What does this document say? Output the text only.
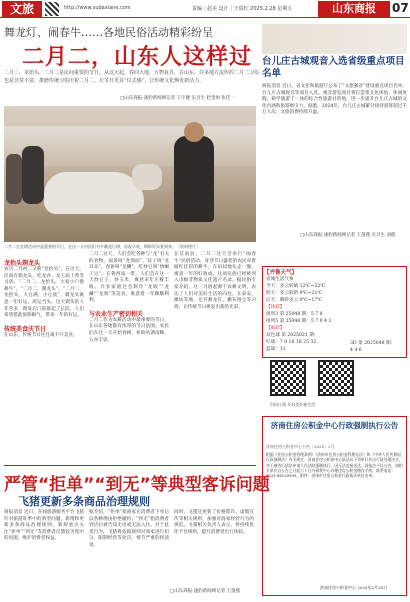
文旅	http://www.sudaxiane.com	责编｜赵美 设计｜王瑞红 2025.2.28 星期五	山东商报	07
舞龙灯、闹春牛……各地民俗活动精彩纷呈
二月二，山东人这样过
二月二，龙抬头。二月二是民间重要的节日，从这天起，春回大地，万物复苏，在山东，许多地方流传的二月二习俗也是非常丰富，推磨传统习俗庆祝二月二，让节日更具“仪式感”，让传统文化焕发新活力。
□山东商报·速豹新闻网记者 王宇婕 实习生 赵金如 张佳一
二月二在农耕活动中是重要的节日，在这一天村民们为牛戴花行耕，祈祝丰收，期盼好年景到来。（资料图片）
龙抬头剃龙头
农历二月初二又称“龙抬头”，在这天，民间有剃龙头、吃龙食、龙王庙上香等习俗。“二月二，龙抬头，大家小户使耕牛”，“二月二，剃龙头”，“二月二，龙抬头，大仓满，小仓流”。剃龙头寓意一年好运，鸿运当头。这天剃头的人非常多，理发店门前排起了长队，人们希望借此驱除晦气，带来一年的好运。
传统美食庆节日
在山东，传统节日往往离不开美食。
二月二这天，人们会吃各种与“龙”有关的食物，面条叫“龙须面”，饺子叫“龙耳朵”，春饼叫“龙鳞”，吃炒豆叫“炒蝎子豆”。在鲁西南一带，人们会在这一天炒豆子、炒玉米，寓意来年庄稼丰收。许多家庭还会制作“龙眼”“龙鳞”“龙须”等美食，寓意着一年顺顺利利。
与农业生产密切相关
二月二作为农耕活动中最重要的节日，在山东各地都有浓厚的节日氛围。农民们在这一天开始春耕，祈盼风调雨顺，五谷丰登。
在莒南县，二月二这天会举行“闹春牛”民俗活动，身穿节日盛装的农民牵着披红挂彩的耕牛，在田间地头走一圈，寓意一年的好收成。这项民俗已经被列入市级非物质文化遗产名录。据民俗专家介绍，这一习俗起源于农耕文明，表达了人们对美好生活的向往。在泰安、潍坊等地，还有舞龙灯、撒灰围仓等习俗，让传统节日焕发出新的光彩。
台儿庄古城观音入选省级重点项目名单
商报消息 近日，省文化和旅游厅公布了“文旅强省”建设重点项目名单，台儿庄古城观音等项目入选。观音游览项目将打造集文化体验、休闲度假、研学旅游于一体的综合性旅游目的地，进一步提升台儿庄古城的文化内涵和旅游吸引力。据悉，2024年，台儿庄古城累计接待游客超过千万人次，文旅消费持续升温。
□山东商报·速豹新闻网记者 王蓬燕 实习生 刘蔚
【齐鲁天气】
省城生活气象
今天：多云转晴 12℃~22℃
明天：多云转阴 9℃~21℃
后天：晴转多云 0℃~17℃
【体彩】
排列3 第 25048 期：5 7 0
排列5 第 25048 期：5 7 0 4 3
【福彩】
双色球 第 2025021 期：
红球：7 8 16 18 25 32
蓝球：11
3D 第 2025048 期：
4 4 6
扫码订阅 开启美好新生活
济南住房公积金中心行政强制执行公告
济南住房公积金中心公告〔2025〕2号
根据《住房公积金管理条例》《济南市住房公积金管理办法》和《中华人民共和国行政强制法》有关规定，济南住房公积金中心依法向下列单位作出行政处理决定，并于催告后依法申请人民法院强制执行。因无法直接送达，现依法予以公告，请相关单位自公告之日起六十日内到我中心办理住房公积金缴存手续。联系电话：0531-86129999。附件：济南市住房公积金行政执法单位名单。
济南住房公积金中心 2025年2月28日
严管“拒单”“到无”等典型客诉问题
飞猪更新多条商品治理规则
商报消息 近日，在线旅游服务平台飞猪针对旅游旺季中的典型问题，新增和更新多条商品治理规则。新规重点关注“拒单”“到无”等消费者反馈较为集中的问题，维护消费者权益。
据介绍，“拒单”指商家在消费者下单后以各种理由拒绝履约；“到无”指消费者到店后被告知无房或无法入住。对于此类行为，飞猪将依据规则对商家进行扣分、限制经营等处罚，情节严重的将清退。
同时，飞猪还更新了价格欺诈、虚假宣传等相关规则，加强对商家经营行为的规范。飞猪相关负责人表示，将持续优化平台规则，提升消费者出行体验。
□山东商报·速豹新闻网记者 王蓬燕
